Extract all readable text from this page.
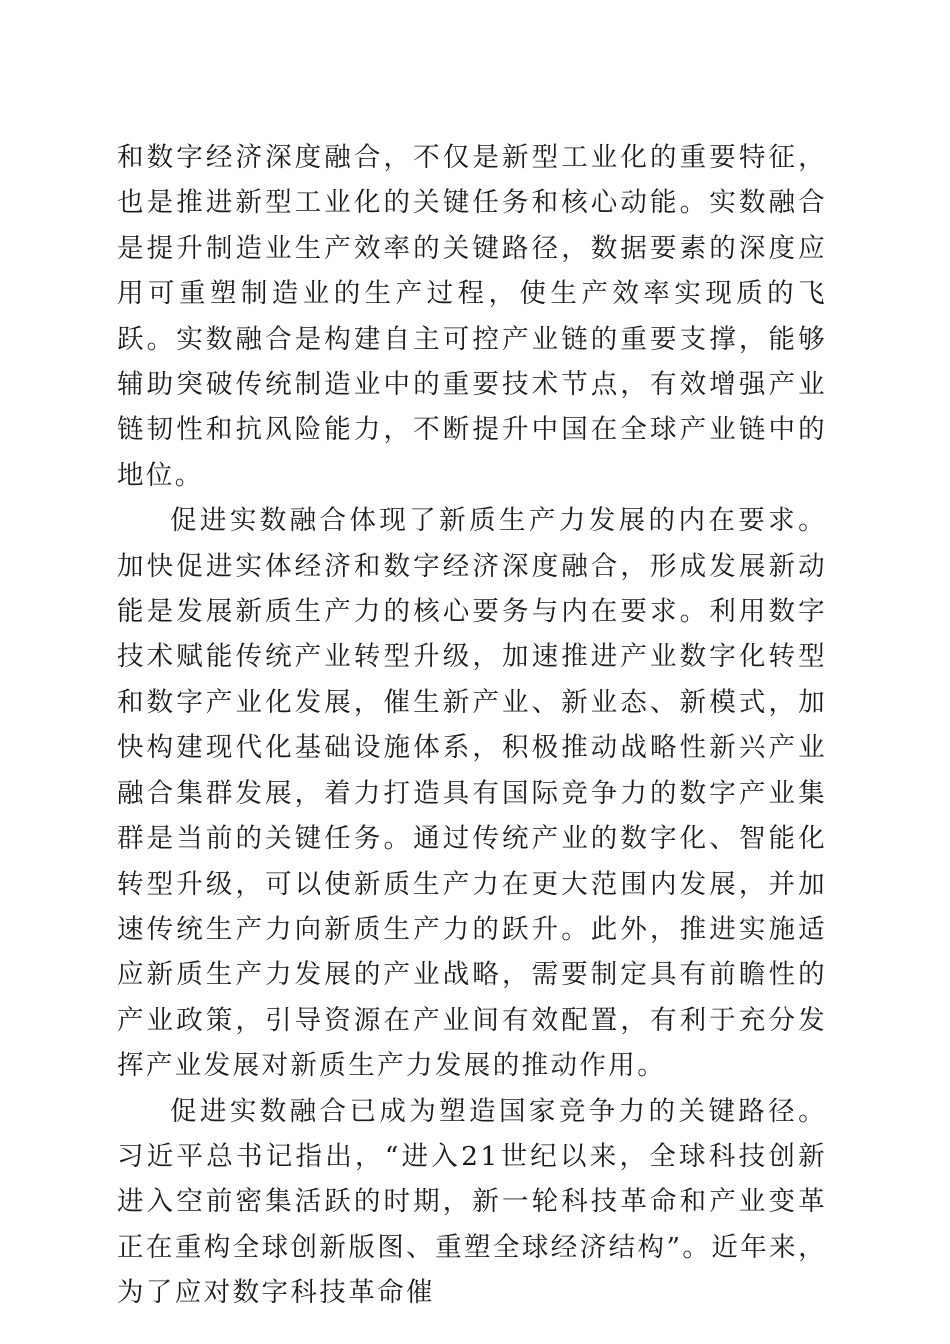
和数字经济深度融合，不仅是新型工业化的重要特征，也是推进新型工业化的关键任务和核心动能。实数融合是提升制造业生产效率的关键路径，数据要素的深度应用可重塑制造业的生产过程，使生产效率实现质的飞跃。实数融合是构建自主可控产业链的重要支撑，能够辅助突破传统制造业中的重要技术节点，有效增强产业链韧性和抗风险能力，不断提升中国在全球产业链中的地位。

促进实数融合体现了新质生产力发展的内在要求。加快促进实体经济和数字经济深度融合，形成发展新动能是发展新质生产力的核心要务与内在要求。利用数字技术赋能传统产业转型升级，加速推进产业数字化转型和数字产业化发展，催生新产业、新业态、新模式，加快构建现代化基础设施体系，积极推动战略性新兴产业融合集群发展，着力打造具有国际竞争力的数字产业集群是当前的关键任务。通过传统产业的数字化、智能化转型升级，可以使新质生产力在更大范围内发展，并加速传统生产力向新质生产力的跃升。此外，推进实施适应新质生产力发展的产业战略，需要制定具有前瞻性的产业政策，引导资源在产业间有效配置，有利于充分发挥产业发展对新质生产力发展的推动作用。

促进实数融合已成为塑造国家竞争力的关键路径。习近平总书记指出，“进入21世纪以来，全球科技创新进入空前密集活跃的时期，新一轮科技革命和产业变革正在重构全球创新版图、重塑全球经济结构”。近年来，为了应对数字科技革命催
